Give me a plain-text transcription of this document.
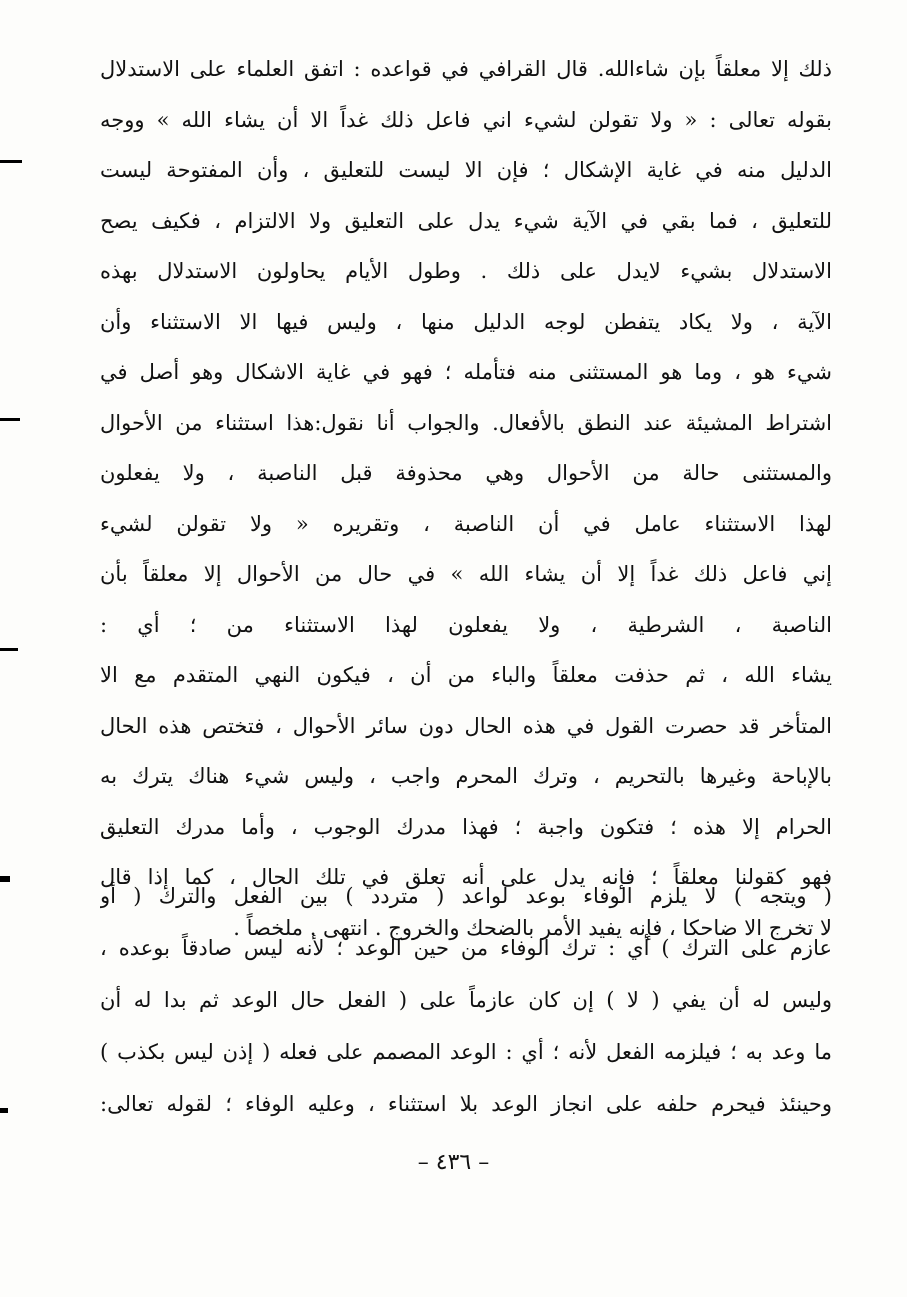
ذلك إلا معلقاً بإن شاءالله. قال القرافي في قواعده : اتفق العلماء على الاستدلال
بقوله تعالى : « ولا تقولن لشيء اني فاعل ذلك غداً الا أن يشاء الله » ووجه
الدليل منه في غاية الإشكال ؛ فإن الا ليست للتعليق ، وأن المفتوحة ليست
للتعليق ، فما بقي في الآية شيء يدل على التعليق ولا الالتزام ، فكيف يصح
الاستدلال بشيء لايدل على ذلك . وطول الأيام يحاولون الاستدلال بهذه
الآية ، ولا يكاد يتفطن لوجه الدليل منها ، وليس فيها الا الاستثناء وأن
شيء هو ، وما هو المستثنى منه فتأمله ؛ فهو في غاية الاشكال وهو أصل في
اشتراط المشيئة عند النطق بالأفعال. والجواب أنا نقول:هذا استثناء من الأحوال
والمستثنى حالة من الأحوال وهي محذوفة قبل الناصبة ، ولا يفعلون
لهذا الاستثناء عامل في أن الناصبة ، وتقريره « ولا تقولن لشيء
إني فاعل ذلك غداً إلا أن يشاء الله » في حال من الأحوال إلا معلقاً بأن
الناصبة ، الشرطية ، ولا يفعلون لهذا الاستثناء من ؛ أي :
يشاء الله ، ثم حذفت معلقاً والباء من أن ، فيكون النهي المتقدم مع الا
المتأخر قد حصرت القول في هذه الحال دون سائر الأحوال ، فتختص هذه الحال
بالإباحة وغيرها بالتحريم ، وترك المحرم واجب ، وليس شيء هناك يترك به
الحرام إلا هذه ؛ فتكون واجبة ؛ فهذا مدرك الوجوب ، وأما مدرك التعليق
فهو كقولنا معلقاً ؛ فإنه يدل على أنه تعلق في تلك الحال ، كما إذا قال
لا تخرج الا ضاحكا ، فإنه يفيد الأمر بالضحك والخروج . انتهى . ملخصاً .
( ويتجه ) لا يلزم الوفاء بوعد لواعد ( متردد ) بين الفعل والترك ( أو
عازم على الترك ) أي : ترك الوفاء من حين الوعد ؛ لأنه ليس صادقاً بوعده ،
وليس له أن يفي ( لا ) إن كان عازماً على ( الفعل حال الوعد ثم بدا له أن
ما وعد به ؛ فيلزمه الفعل لأنه ؛ أي : الوعد المصمم على فعله ( إذن ليس بكذب )
وحينئذ فيحرم حلفه على انجاز الوعد بلا استثناء ، وعليه الوفاء ؛ لقوله تعالى:
– ٤٣٦ –
